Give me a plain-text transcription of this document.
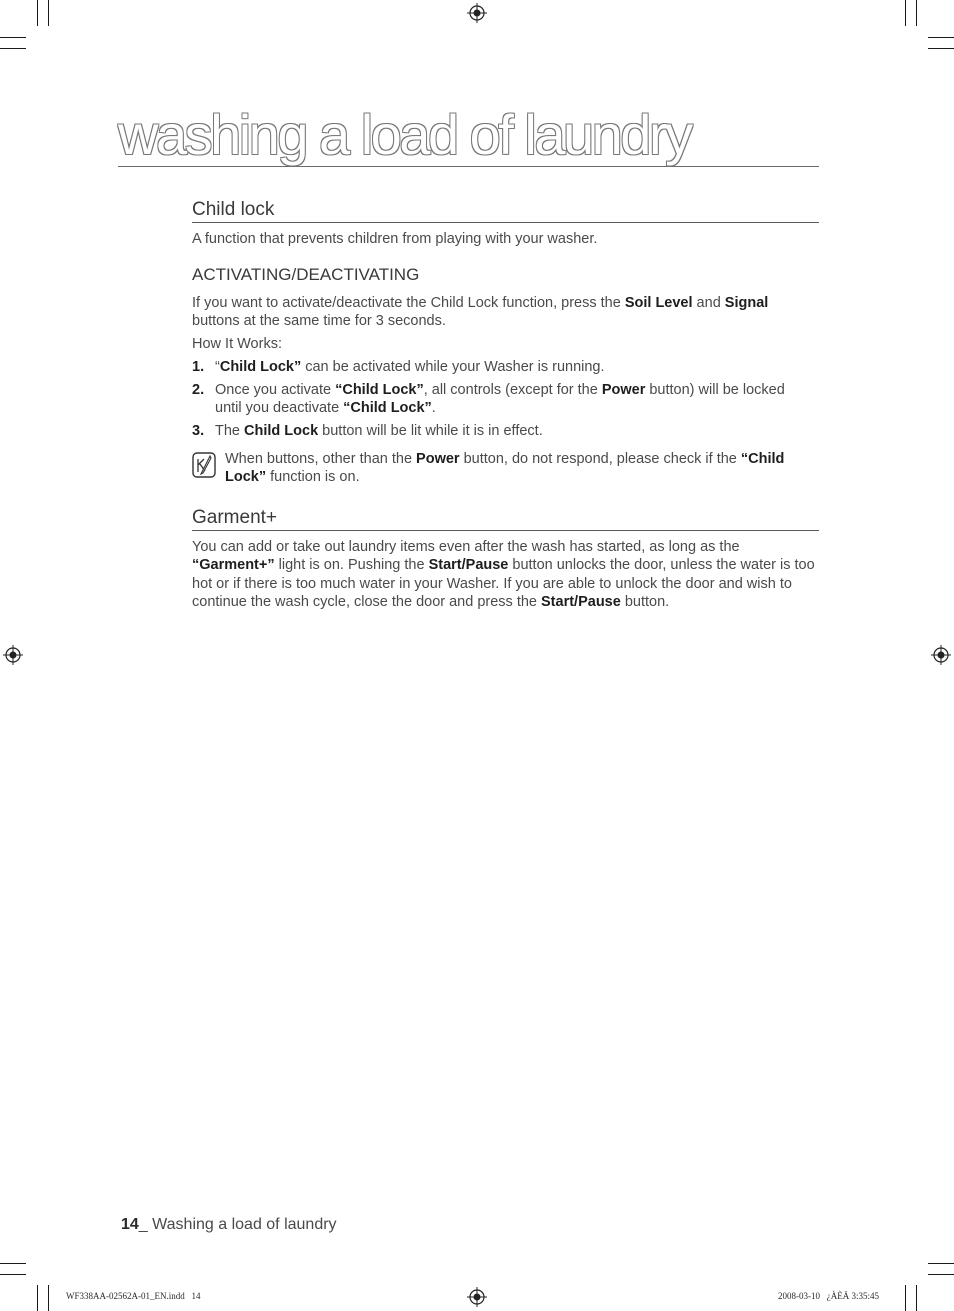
washing a load of laundry
Child lock
A function that prevents children from playing with your washer.
ACTIVATING/DEACTIVATING
If you want to activate/deactivate the Child Lock function, press the Soil Level and Signal buttons at the same time for 3 seconds.
How It Works:
1. “Child Lock” can be activated while your Washer is running.
2. Once you activate “Child Lock”, all controls (except for the Power button) will be locked until you deactivate “Child Lock”.
3. The Child Lock button will be lit while it is in effect.
When buttons, other than the Power button, do not respond, please check if the “Child Lock” function is on.
Garment+
You can add or take out laundry items even after the wash has started, as long as the “Garment+” light is on. Pushing the Start/Pause button unlocks the door, unless the water is too hot or if there is too much water in your Washer. If you are able to unlock the door and wish to continue the wash cycle, close the door and press the Start/Pause button.
14_ Washing a load of laundry
WF338AA-02562A-01_EN.indd   14	2008-03-10   ¿ÀÈÄ 3:35:45
